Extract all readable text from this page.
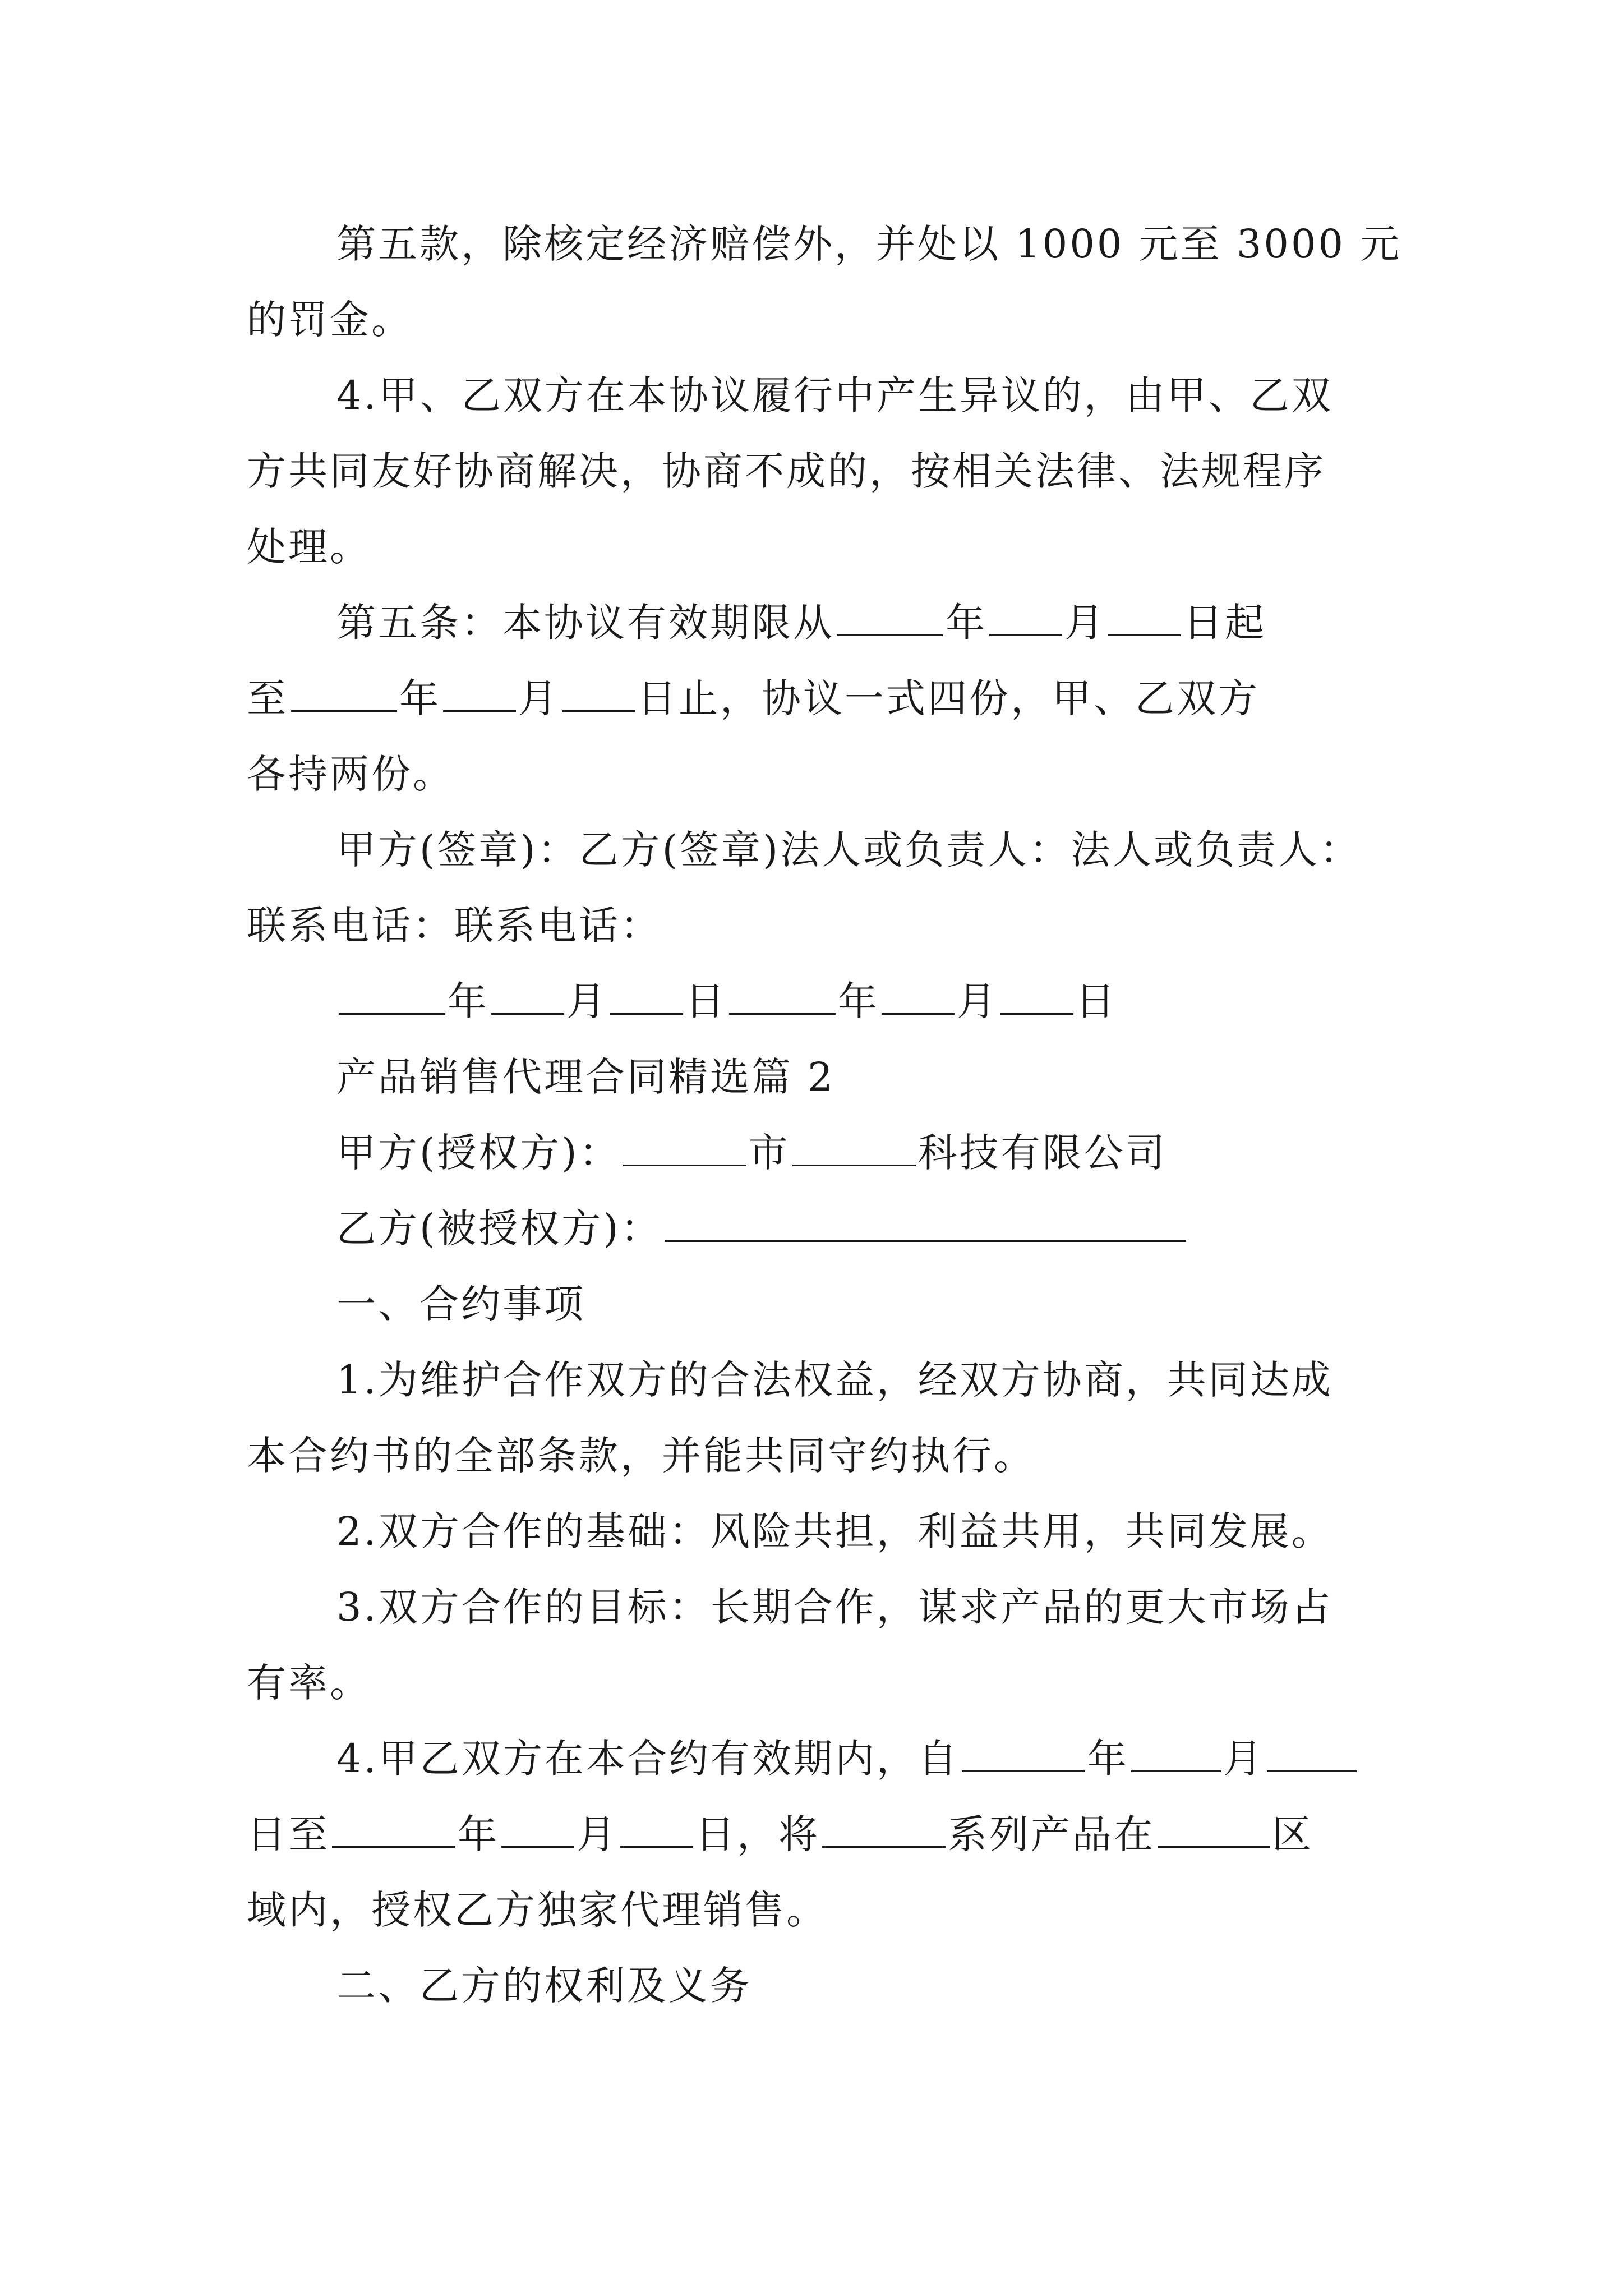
第五款，除核定经济赔偿外，并处以 1000 元至 3000 元
的罚金。
4.甲、乙双方在本协议履行中产生异议的，由甲、乙双
方共同友好协商解决，协商不成的，按相关法律、法规程序
处理。
第五条：本协议有效期限从	年 月 日起
至	年 月 日止，协议一式四份，甲、乙双方
各持两份。
甲方(签章)：乙方(签章)法人或负责人：法人或负责人：
联系电话：联系电话：
年 月 日	年 月 日
产品销售代理合同精选篇 2
甲方(授权方)：	市	科技有限公司
乙方(被授权方)：
一、合约事项
1.为维护合作双方的合法权益，经双方协商，共同达成
本合约书的全部条款，并能共同守约执行。
2.双方合作的基础：风险共担，利益共用，共同发展。
3.双方合作的目标：长期合作，谋求产品的更大市场占
有率。
4.甲乙双方在本合约有效期内，自	年 月
日至	年 月 日，将	系列产品在	区
域内，授权乙方独家代理销售。
二、乙方的权利及义务
